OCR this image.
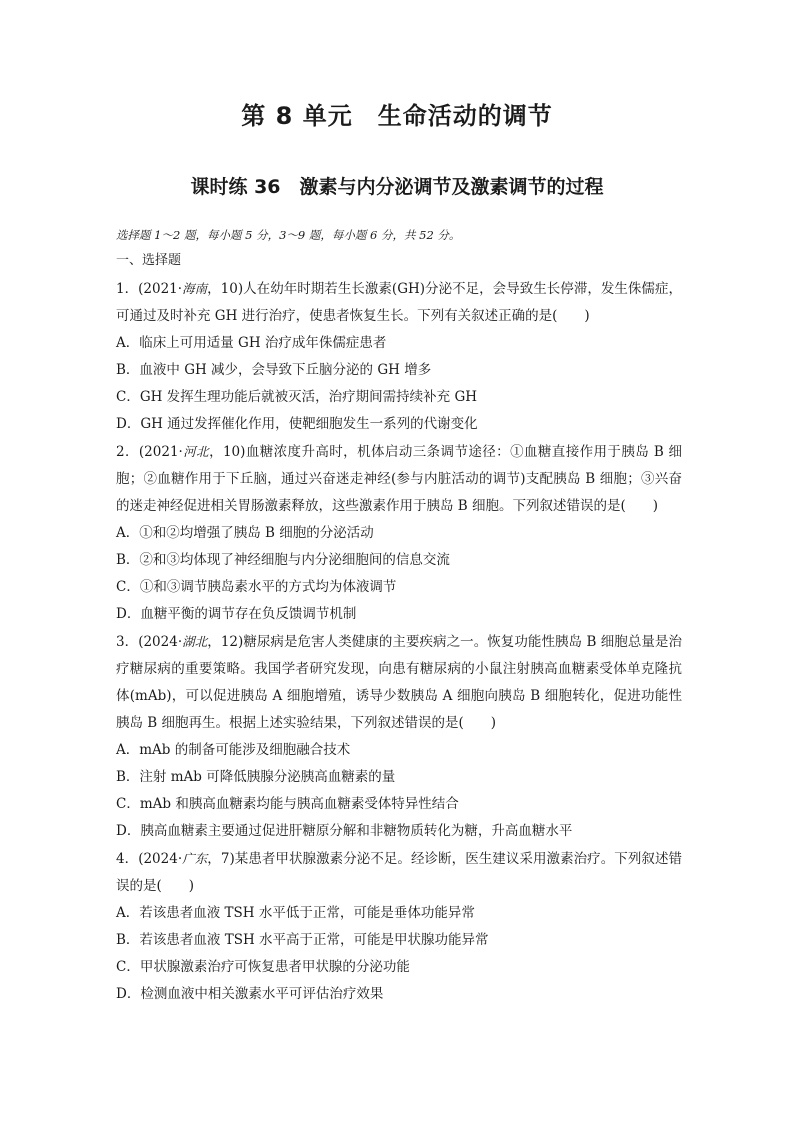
第 8 单元　生命活动的调节
课时练 36　激素与内分泌调节及激素调节的过程
选择题 1～2 题，每小题 5 分，3～9 题，每小题 6 分，共 52 分。
一、选择题
1．(2021·海南，10)人在幼年时期若生长激素(GH)分泌不足，会导致生长停滞，发生侏儒症，可通过及时补充 GH 进行治疗，使患者恢复生长。下列有关叙述正确的是(　　)
A．临床上可用适量 GH 治疗成年侏儒症患者
B．血液中 GH 减少，会导致下丘脑分泌的 GH 增多
C．GH 发挥生理功能后就被灭活，治疗期间需持续补充 GH
D．GH 通过发挥催化作用，使靶细胞发生一系列的代谢变化
2．(2021·河北，10)血糖浓度升高时，机体启动三条调节途径：①血糖直接作用于胰岛 B 细胞；②血糖作用于下丘脑，通过兴奋迷走神经(参与内脏活动的调节)支配胰岛 B 细胞；③兴奋的迷走神经促进相关胃肠激素释放，这些激素作用于胰岛 B 细胞。下列叙述错误的是(　　)
A．①和②均增强了胰岛 B 细胞的分泌活动
B．②和③均体现了神经细胞与内分泌细胞间的信息交流
C．①和③调节胰岛素水平的方式均为体液调节
D．血糖平衡的调节存在负反馈调节机制
3．(2024·湖北，12)糖尿病是危害人类健康的主要疾病之一。恢复功能性胰岛 B 细胞总量是治疗糖尿病的重要策略。我国学者研究发现，向患有糖尿病的小鼠注射胰高血糖素受体单克隆抗体(mAb)，可以促进胰岛 A 细胞增殖，诱导少数胰岛 A 细胞向胰岛 B 细胞转化，促进功能性胰岛 B 细胞再生。根据上述实验结果，下列叙述错误的是(　　)
A．mAb 的制备可能涉及细胞融合技术
B．注射 mAb 可降低胰腺分泌胰高血糖素的量
C．mAb 和胰高血糖素均能与胰高血糖素受体特异性结合
D．胰高血糖素主要通过促进肝糖原分解和非糖物质转化为糖，升高血糖水平
4．(2024·广东，7)某患者甲状腺激素分泌不足。经诊断，医生建议采用激素治疗。下列叙述错误的是(　　)
A．若该患者血液 TSH 水平低于正常，可能是垂体功能异常
B．若该患者血液 TSH 水平高于正常，可能是甲状腺功能异常
C．甲状腺激素治疗可恢复患者甲状腺的分泌功能
D．检测血液中相关激素水平可评估治疗效果
